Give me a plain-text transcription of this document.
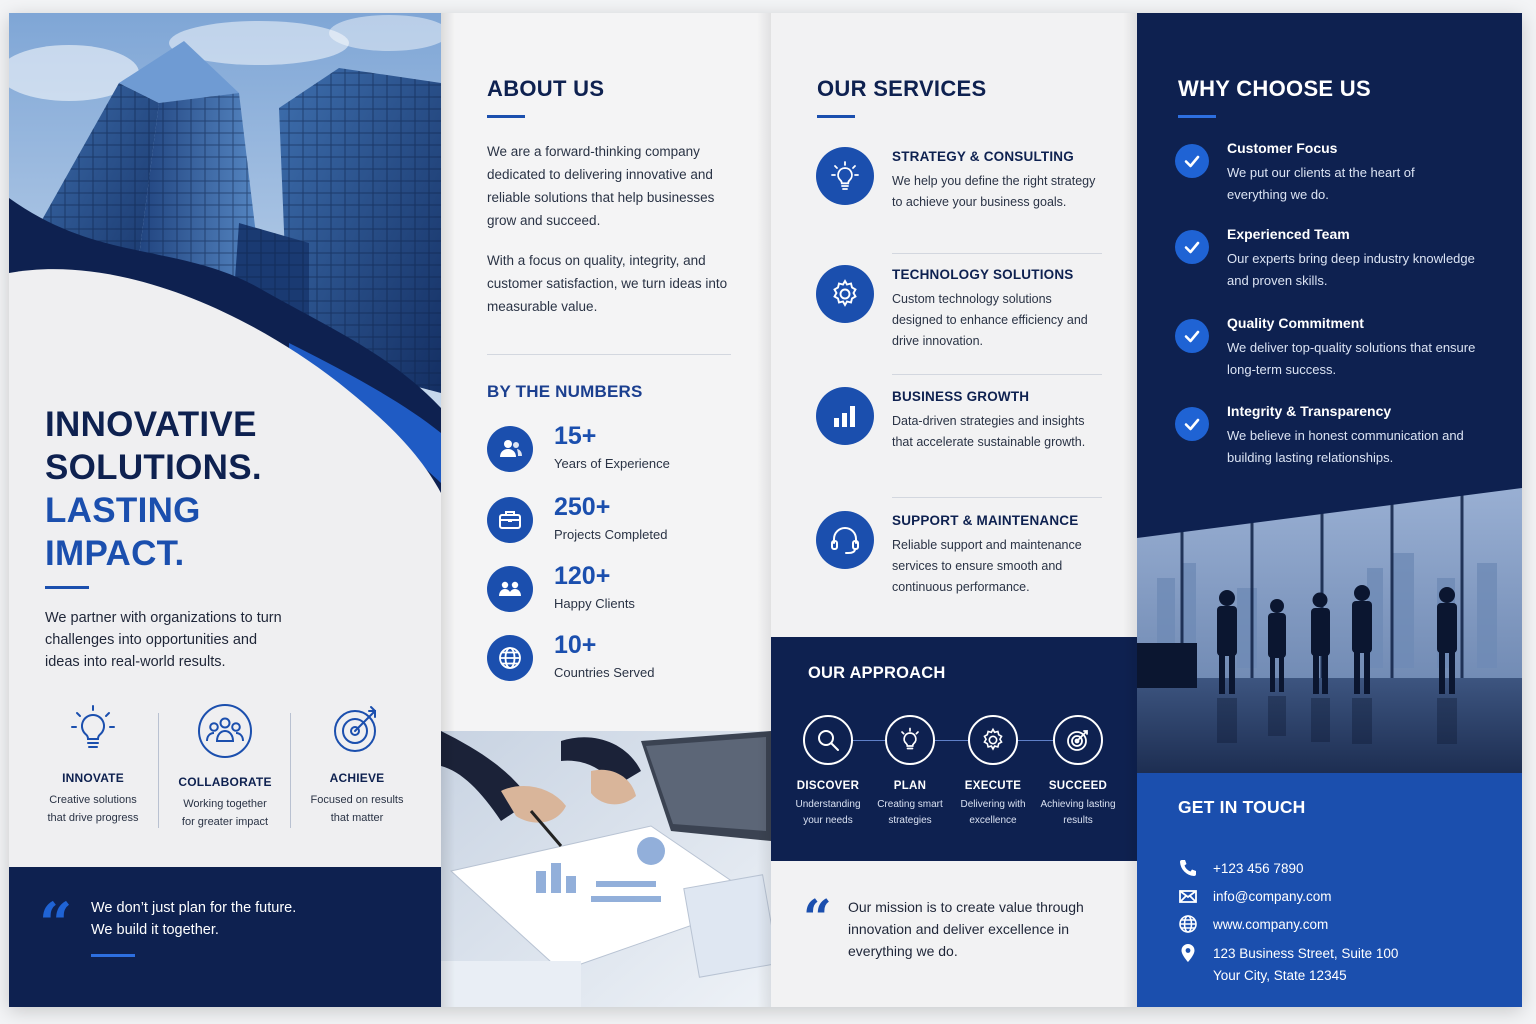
INNOVATIVE
SOLUTIONS.
LASTING
IMPACT.

We partner with organizations to turn challenges into opportunities and ideas into real-world results.

INNOVATE
Creative solutions
that drive progress
COLLABORATE
Working together
for greater impact
ACHIEVE
Focused on results
that matter
“ We don’t just plan for the future.
We build it together.
ABOUT US

We are a forward-thinking company dedicated to delivering innovative and reliable solutions that help businesses grow and succeed.

With a focus on quality, integrity, and customer satisfaction, we turn ideas into measurable value.

BY THE NUMBERS
15+
Years of Experience
250+
Projects Completed
120+
Happy Clients
10+
Countries Served
OUR SERVICES
STRATEGY & CONSULTING
We help you define the right strategy to achieve your business goals.
TECHNOLOGY SOLUTIONS
Custom technology solutions designed to enhance efficiency and drive innovation.
BUSINESS GROWTH
Data-driven strategies and insights that accelerate sustainable growth.
SUPPORT & MAINTENANCE
Reliable support and maintenance services to ensure smooth and continuous performance.
OUR APPROACH
DISCOVER
Understanding
your needs
PLAN
Creating smart
strategies
EXECUTE
Delivering with
excellence
SUCCEED
Achieving lasting
results
“ Our mission is to create value through innovation and deliver excellence in everything we do.

WHY CHOOSE US
Customer Focus
We put our clients at the heart of everything we do.
Experienced Team
Our experts bring deep industry knowledge and proven skills.
Quality Commitment
We deliver top-quality solutions that ensure long-term success.
Integrity & Transparency
We believe in honest communication and building lasting relationships.
GET IN TOUCH
+123 456 7890
info@company.com
www.company.com
123 Business Street, Suite 100
Your City, State 12345
